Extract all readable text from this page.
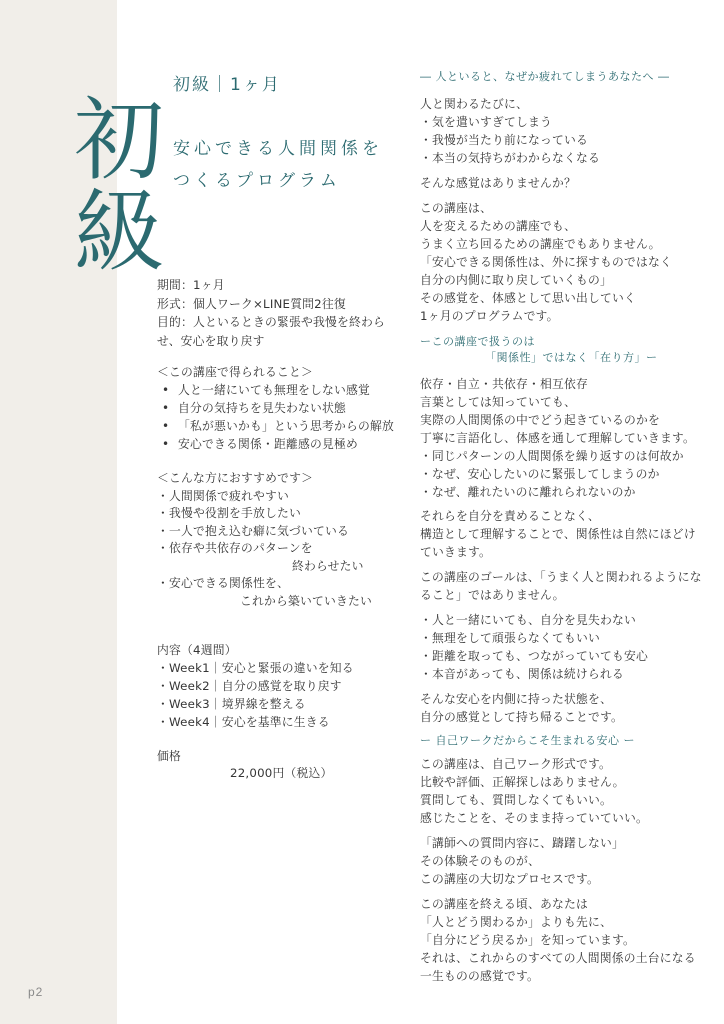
初級
p2
初級｜1ヶ月
安心できる人間関係を
つくるプログラム
期間：1ヶ月
形式：個人ワーク×LINE質問2往復
目的：人といるときの緊張や我慢を終わら
せ、安心を取り戻す
＜この講座で得られること＞
• 人と一緒にいても無理をしない感覚
• 自分の気持ちを見失わない状態
• 「私が悪いかも」という思考からの解放
• 安心できる関係・距離感の見極め
＜こんな方におすすめです＞
・人間関係で疲れやすい
・我慢や役割を手放したい
・一人で抱え込む癖に気づいている
・依存や共依存のパターンを
終わらせたい
・安心できる関係性を、
これから築いていきたい
内容（4週間）
・Week1｜安心と緊張の違いを知る
・Week2｜自分の感覚を取り戻す
・Week3｜境界線を整える
・Week4｜安心を基準に生きる
価格
22,000円（税込）
― 人といると、なぜか疲れてしまうあなたへ ―
人と関わるたびに、
・気を遣いすぎてしまう
・我慢が当たり前になっている
・本当の気持ちがわからなくなる
そんな感覚はありませんか？
この講座は、
人を変えるための講座でも、
うまく立ち回るための講座でもありません。
「安心できる関係性は、外に探すものではなく
自分の内側に取り戻していくもの」
その感覚を、体感として思い出していく
1ヶ月のプログラムです。
ーこの講座で扱うのは
「関係性」ではなく「在り方」ー
依存・自立・共依存・相互依存
言葉としては知っていても、
実際の人間関係の中でどう起きているのかを
丁寧に言語化し、体感を通して理解していきます。
・同じパターンの人間関係を繰り返すのは何故か
・なぜ、安心したいのに緊張してしまうのか
・なぜ、離れたいのに離れられないのか
それらを自分を責めることなく、
構造として理解することで、関係性は自然にほどけ
ていきます。
この講座のゴールは、「うまく人と関われるようにな
ること」ではありません。
・人と一緒にいても、自分を見失わない
・無理をして頑張らなくてもいい
・距離を取っても、つながっていても安心
・本音があっても、関係は続けられる
そんな安心を内側に持った状態を、
自分の感覚として持ち帰ることです。
ー 自己ワークだからこそ生まれる安心 ー
この講座は、自己ワーク形式です。
比較や評価、正解探しはありません。
質問しても、質問しなくてもいい。
感じたことを、そのまま持っていていい。
「講師への質問内容に、躊躇しない」
その体験そのものが、
この講座の大切なプロセスです。
この講座を終える頃、あなたは
「人とどう関わるか」よりも先に、
「自分にどう戻るか」を知っています。
それは、これからのすべての人間関係の土台になる
一生ものの感覚です。
